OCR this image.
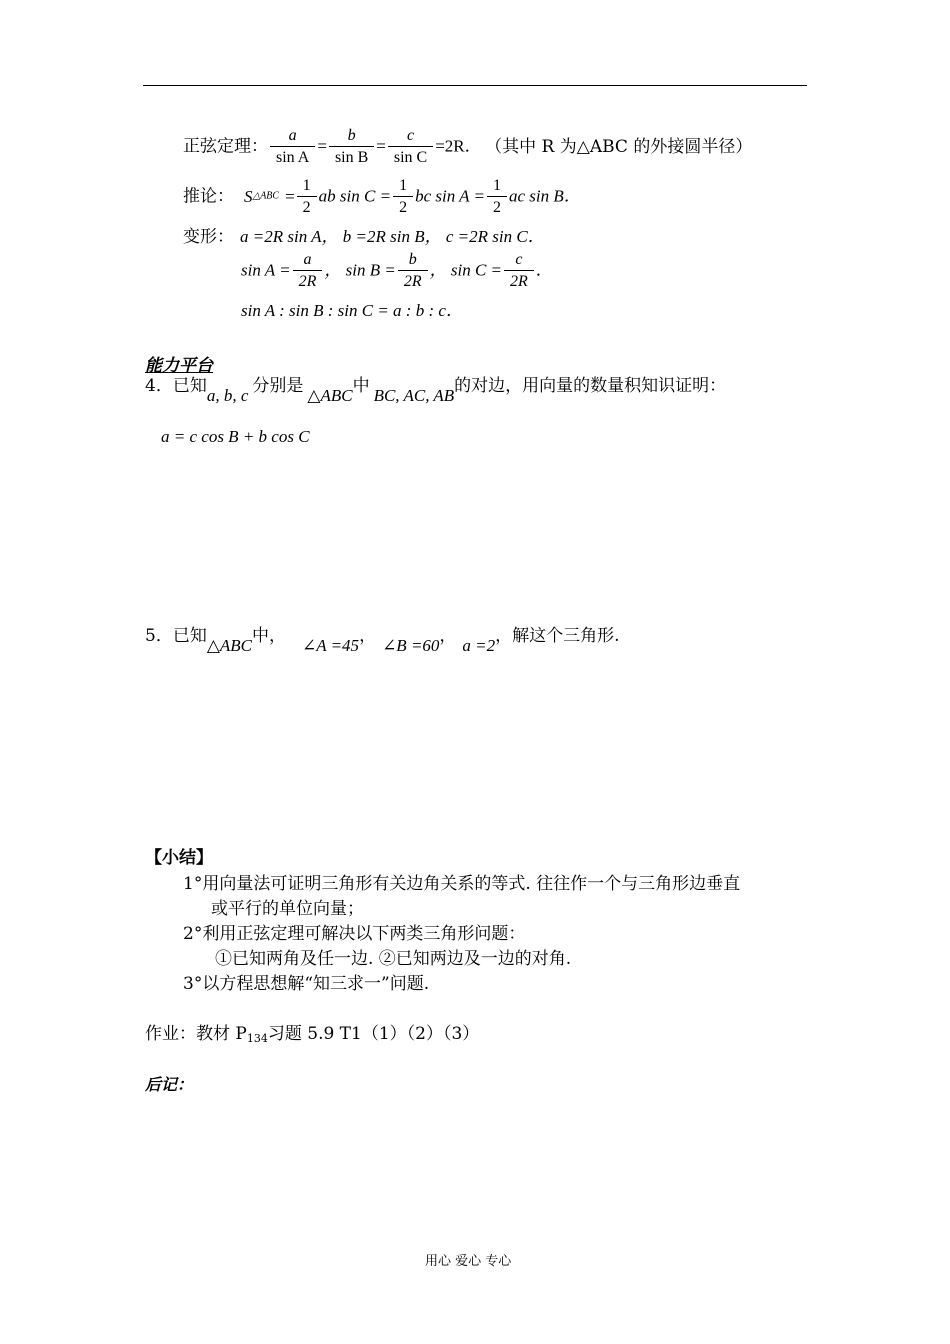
正弦定理： $\frac{a}{\text{sin A}} = \frac{b}{\text{sin B}} = \frac{c}{\text{sin C}} =2R$． （其中 R 为△ABC 的外接圆半径）
推论： S△ABC = $\frac{1}{2}$ ab $\sin C = \frac{1}{2}$ bc $\sin A = \frac{1}{2}$ ac sin B．
变形： a =2R sin A， b =2R sin B， c =2R sin C．
$\sin A = \frac{a}{2R}$ ， $\sin B = \frac{b}{2R}$ ， $\sin C = \frac{c}{2R}$ ．
sin A : sin B : sin C = a : b : c．
能力平台
4．已知a, b, c 分别是 △ABC中 BC, AC, AB的对边，用向量的数量积知识证明：
a = c cos B + b cos C
5．已知△ABC中， ∠A =45， ∠B =60， a =2，解这个三角形.
【小结】
1°用向量法可证明三角形有关边角关系的等式. 往往作一个与三角形边垂直
或平行的单位向量；
2°利用正弦定理可解决以下两类三角形问题：
①已知两角及任一边. ②已知两边及一边的对角.
3°以方程思想解“知三求一”问题.
作业：教材 P134习题 5.9 T1（1）（2）（3）
后记：
用心 爱心 专心
